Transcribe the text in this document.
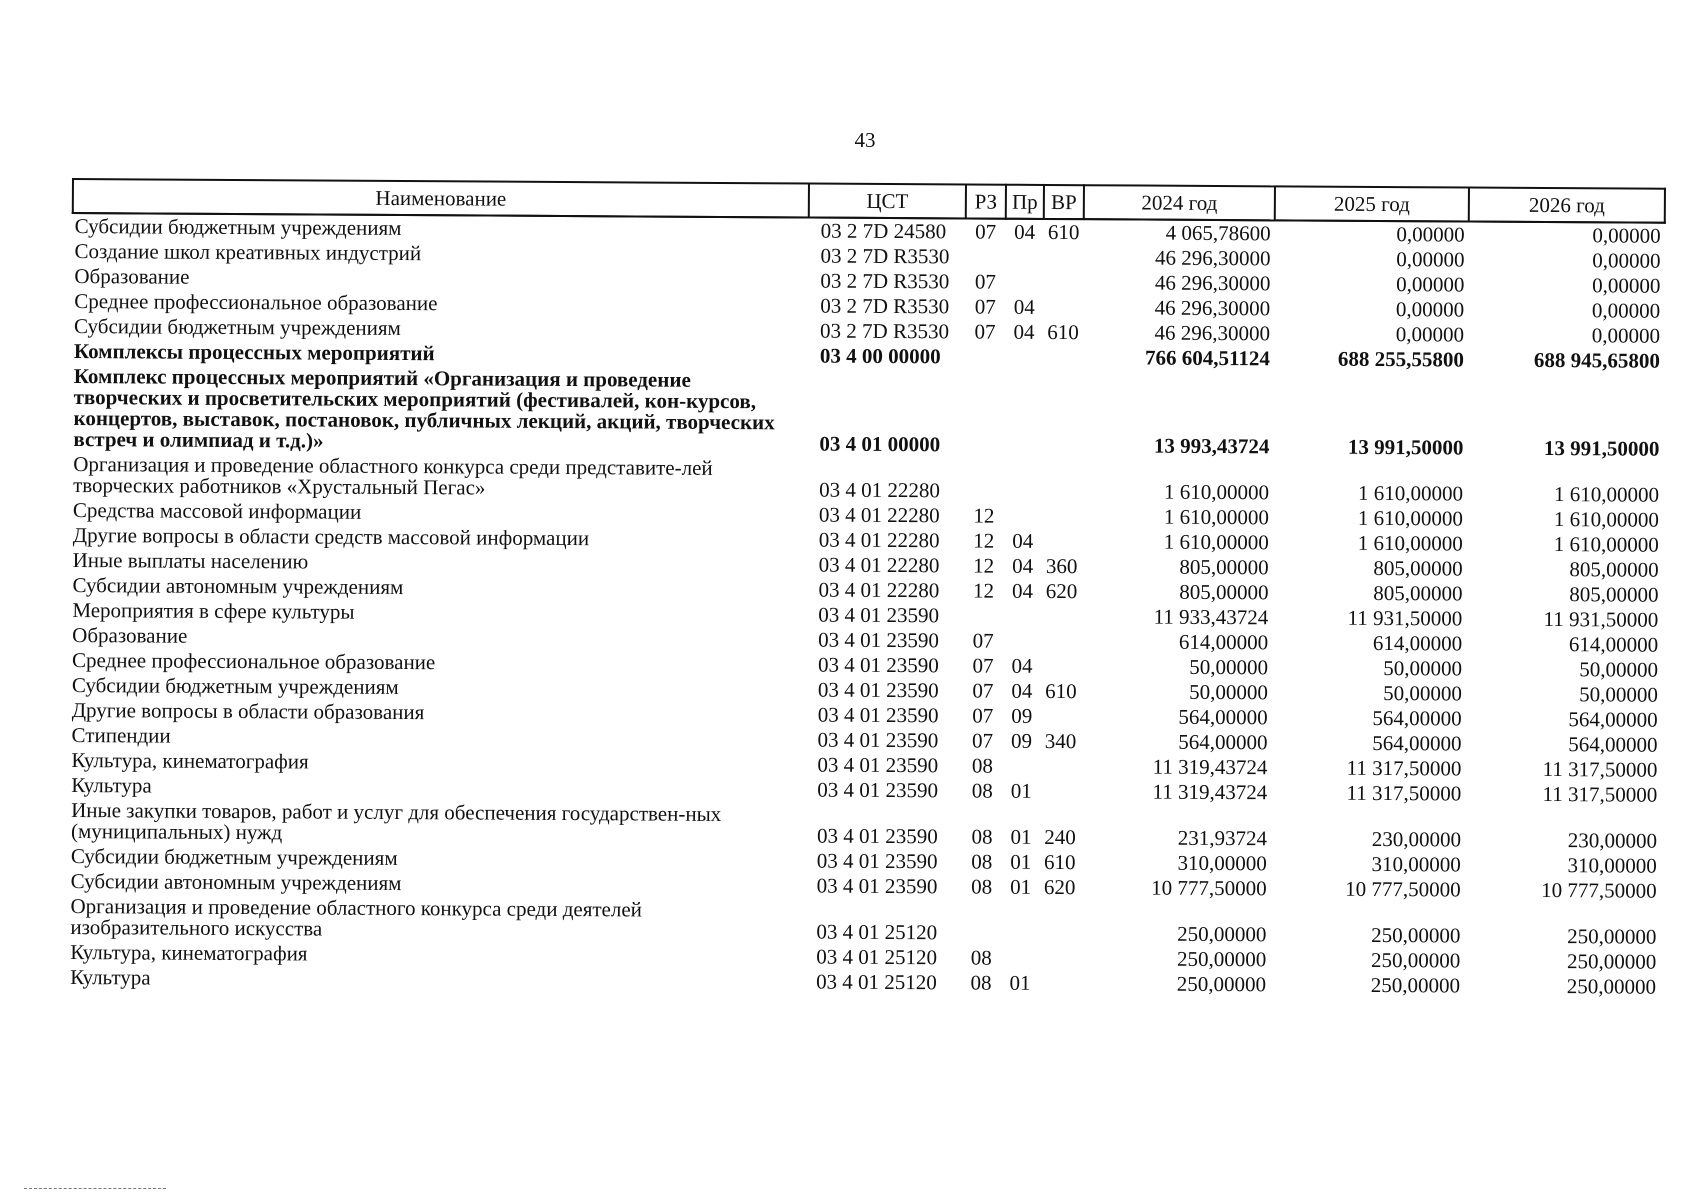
43
Наименование	ЦСТ	РЗ	Пр	ВР	2024 год	2025 год	2026 год
Субсидии бюджетным учреждениям	03 2 7D 24580	07	04	610	4 065,78600	0,00000	0,00000
Создание школ креативных индустрий	03 2 7D R3530				46 296,30000	0,00000	0,00000
Образование	03 2 7D R3530	07			46 296,30000	0,00000	0,00000
Среднее профессиональное образование	03 2 7D R3530	07	04		46 296,30000	0,00000	0,00000
Субсидии бюджетным учреждениям	03 2 7D R3530	07	04	610	46 296,30000	0,00000	0,00000
Комплексы процессных мероприятий	03 4 00 00000				766 604,51124	688 255,55800	688 945,65800
Комплекс процессных мероприятий «Организация и проведение творческих и просветительских мероприятий (фестивалей, кон-курсов, концертов, выставок, постановок, публичных лекций, акций, творческих встреч и олимпиад и т.д.)»	03 4 01 00000				13 993,43724	13 991,50000	13 991,50000
Организация и проведение областного конкурса среди представите-лей творческих работников «Хрустальный Пегас»	03 4 01 22280				1 610,00000	1 610,00000	1 610,00000
Средства массовой информации	03 4 01 22280	12			1 610,00000	1 610,00000	1 610,00000
Другие вопросы в области средств массовой информации	03 4 01 22280	12	04		1 610,00000	1 610,00000	1 610,00000
Иные выплаты населению	03 4 01 22280	12	04	360	805,00000	805,00000	805,00000
Субсидии автономным учреждениям	03 4 01 22280	12	04	620	805,00000	805,00000	805,00000
Мероприятия в сфере культуры	03 4 01 23590				11 933,43724	11 931,50000	11 931,50000
Образование	03 4 01 23590	07			614,00000	614,00000	614,00000
Среднее профессиональное образование	03 4 01 23590	07	04		50,00000	50,00000	50,00000
Субсидии бюджетным учреждениям	03 4 01 23590	07	04	610	50,00000	50,00000	50,00000
Другие вопросы в области образования	03 4 01 23590	07	09		564,00000	564,00000	564,00000
Стипендии	03 4 01 23590	07	09	340	564,00000	564,00000	564,00000
Культура, кинематография	03 4 01 23590	08			11 319,43724	11 317,50000	11 317,50000
Культура	03 4 01 23590	08	01		11 319,43724	11 317,50000	11 317,50000
Иные закупки товаров, работ и услуг для обеспечения государствен-ных (муниципальных) нужд	03 4 01 23590	08	01	240	231,93724	230,00000	230,00000
Субсидии бюджетным учреждениям	03 4 01 23590	08	01	610	310,00000	310,00000	310,00000
Субсидии автономным учреждениям	03 4 01 23590	08	01	620	10 777,50000	10 777,50000	10 777,50000
Организация и проведение областного конкурса среди деятелей изобразительного искусства	03 4 01 25120				250,00000	250,00000	250,00000
Культура, кинематография	03 4 01 25120	08			250,00000	250,00000	250,00000
Культура	03 4 01 25120	08	01		250,00000	250,00000	250,00000
